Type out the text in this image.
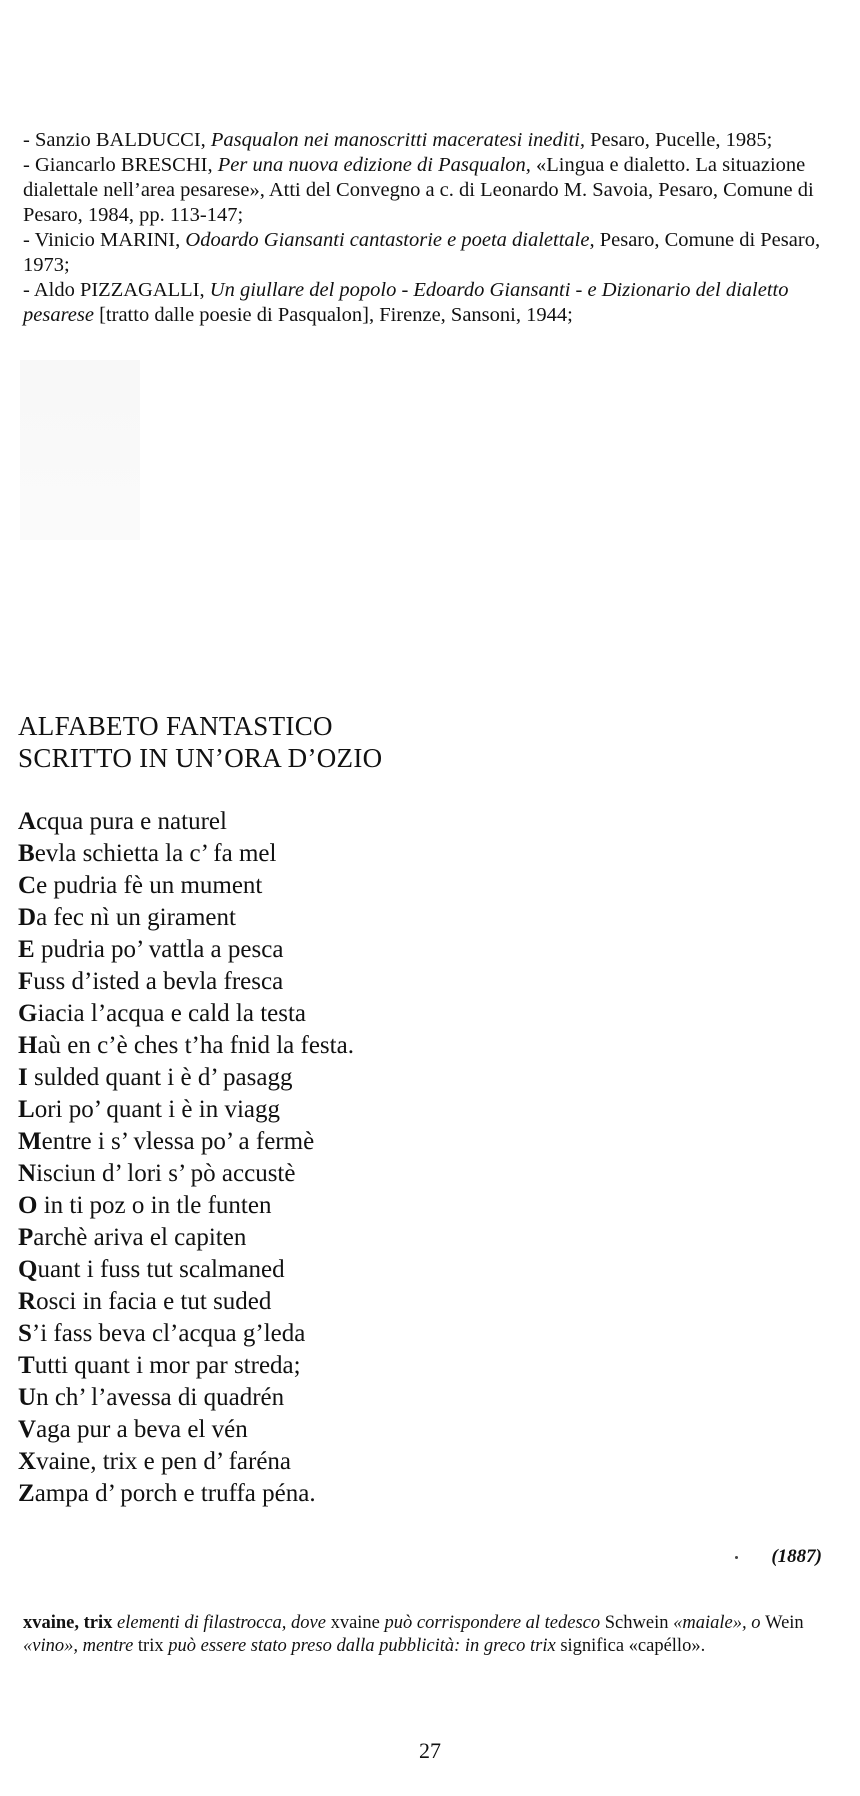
- Sanzio BALDUCCI, Pasqualon nei manoscritti maceratesi inediti, Pesaro, Pucelle, 1985;

- Giancarlo BRESCHI, Per una nuova edizione di Pasqualon, «Lingua e dialetto. La situazione dialettale nell’area pesarese», Atti del Convegno a c. di Leonardo M. Savoia, Pesaro, Comune di Pesaro, 1984, pp. 113-147;

- Vinicio MARINI, Odoardo Giansanti cantastorie e poeta dialettale, Pesaro, Comune di Pesaro, 1973;

- Aldo PIZZAGALLI, Un giullare del popolo - Edoardo Giansanti - e Dizionario del dialetto pesarese [tratto dalle poesie di Pasqualon], Firenze, Sansoni, 1944;

ALFABETO FANTASTICO
SCRITTO IN UN’ORA D’OZIO
Acqua pura e naturel
Bevla schietta la c’ fa mel
Ce pudria fè un mument
Da fec nì un girament
E pudria po’ vattla a pesca
Fuss d’isted a bevla fresca
Giacia l’acqua e cald la testa
Haù en c’è ches t’ha fnid la festa.
I sulded quant i è d’ pasagg
Lori po’ quant i è in viagg
Mentre i s’ vlessa po’ a fermè
Nisciun d’ lori s’ pò accustè
O in ti poz o in tle funten
Parchè ariva el capiten
Quant i fuss tut scalmaned
Rosci in facia e tut suded
S’i fass beva cl’acqua g’leda
Tutti quant i mor par streda;
Un ch’ l’avessa di quadrén
Vaga pur a beva el vén
Xvaine, trix e pen d’ faréna
Zampa d’ porch e truffa péna.
(1887)
xvaine, trix elementi di filastrocca, dove xvaine può corrispondere al tedesco Schwein «maiale», o Wein «vino», mentre trix può essere stato preso dalla pubblicità: in greco trix significa «capéllo».
27
